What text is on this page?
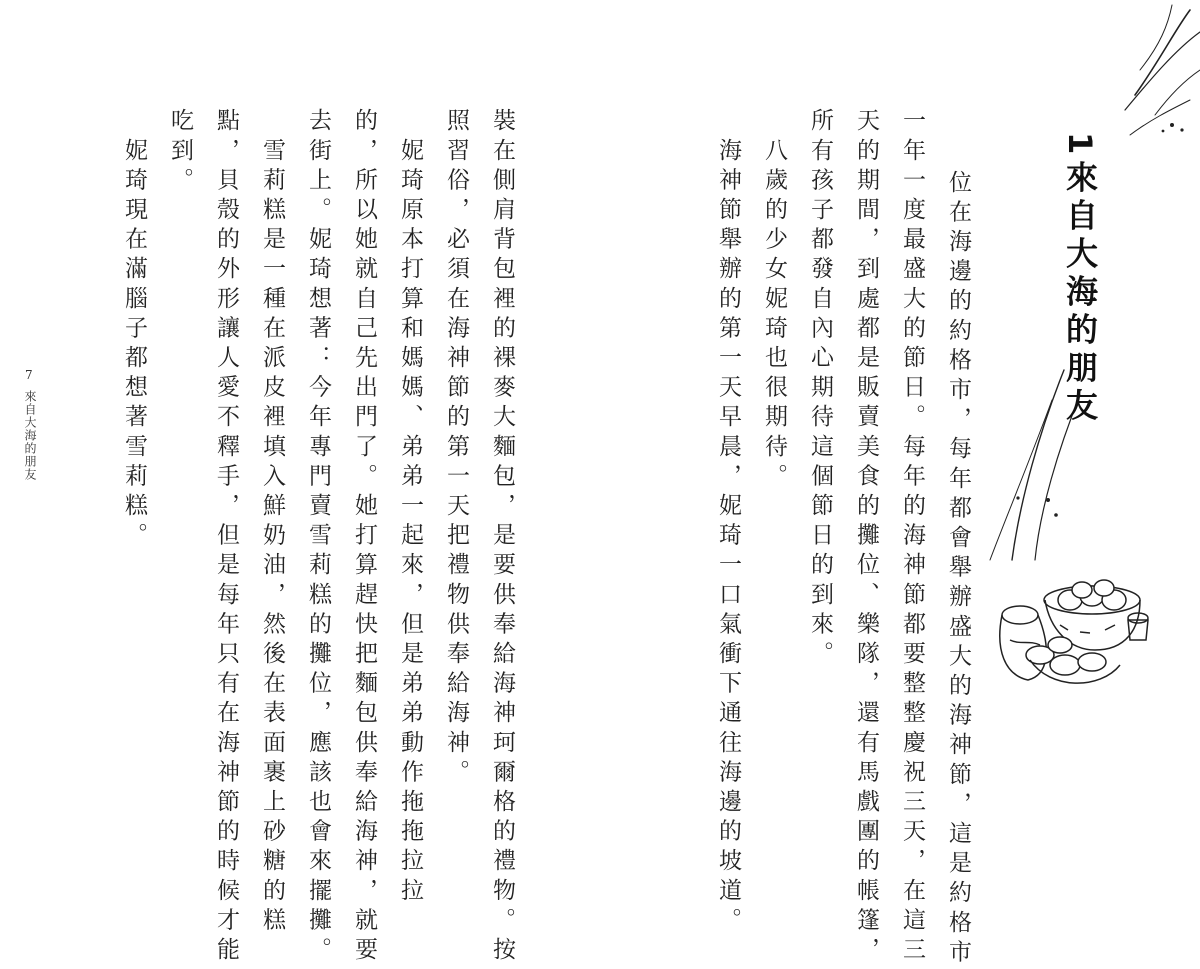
1來自大海的朋友
　位在海邊的約格市，每年都會舉辦盛大的海神節，這是約格市
一年一度最盛大的節日。每年的海神節都要整整慶祝三天，在這三
天的期間，到處都是販賣美食的攤位、樂隊，還有馬戲團的帳篷，
所有孩子都發自內心期待這個節日的到來。
　八歲的少女妮琦也很期待。
　海神節舉辦的第一天早晨，妮琦一口氣衝下通往海邊的坡道。
裝在側肩背包裡的裸麥大麵包，是要供奉給海神珂爾格的禮物。按
照習俗，必須在海神節的第一天把禮物供奉給海神。
　妮琦原本打算和媽媽、弟弟一起來，但是弟弟動作拖拖拉拉
的，所以她就自己先出門了。她打算趕快把麵包供奉給海神，就要
去街上。妮琦想著：今年專門賣雪莉糕的攤位，應該也會來擺攤。
　雪莉糕是一種在派皮裡填入鮮奶油，然後在表面裹上砂糖的糕
點，貝殼的外形讓人愛不釋手，但是每年只有在海神節的時候才能
吃到。
　妮琦現在滿腦子都想著雪莉糕。
7
來自大海的朋友
